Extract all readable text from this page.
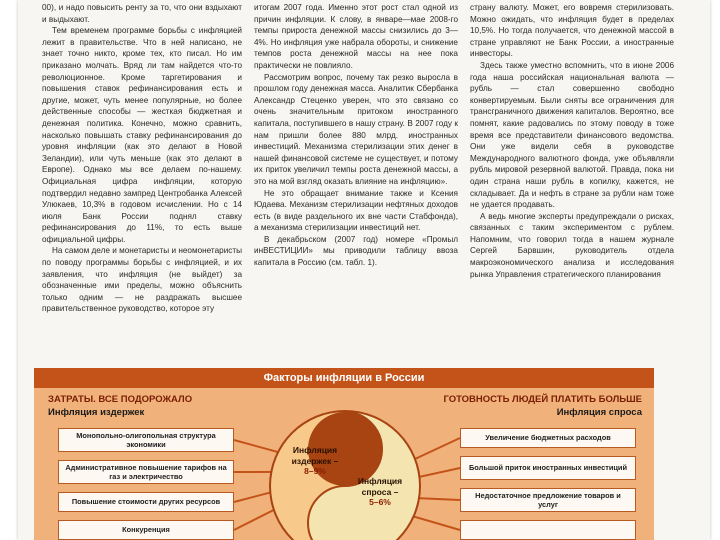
00), и надо повысить ренту за то, что они вздыхают и выдыхают.

Тем временем программе борьбы с инфляцией лежит в правительстве. Что в ней написано, не знает точно никто, кроме тех, кто писал. Но им приказано молчать. Вряд ли там найдется что-то революционное. Кроме таргетирования и повышения ставок рефинансирования есть и другие, может, чуть менее популярные, но более действенные способы — жесткая бюджетная и денежная политика. Конечно, можно сравнить, насколько повышать ставку рефинансирования до уровня инфляции (как это делают в Новой Зеландии), или чуть меньше (как это делают в Европе). Однако мы все делаем по-нашему. Официальная цифра инфляции, которую подтвердил недавно зампред Центробанка Алексей Улюкаев, 10,3% в годовом исчислении. Но с 14 июля Банк России поднял ставку рефинансирования до 11%, то есть выше официальной цифры.

На самом деле и монетаристы и неомонетаристы по поводу программы борьбы с инфляцией, и их заявления, что инфляция (не выйдет) за обозначенные ими пределы, можно объяснить только одним — не раздражать высшее правительственное руководство, которое эту

итогам 2007 года. Именно этот рост стал одной из причин инфляции. К слову, в январе—мае 2008-го темпы прироста денежной массы снизились до 3—4%. Но инфляция уже набрала обороты, и снижение темпов роста денежной массы на нее пока практически не повлияло.

Рассмотрим вопрос, почему так резко выросла в прошлом году денежная масса. Аналитик Сбербанка Александр Стеценко уверен, что это связано со очень значительным притоком иностранного капитала, поступившего в нашу страну. В 2007 году к нам пришли более 880 млрд. иностранных инвестиций. Механизма стерилизации этих денег в нашей финансовой системе не существует, и потому их приток увеличил темпы роста денежной массы, а это на мой взгляд оказать влияние на инфляцию».

Не это обращает внимание также и Ксения Юдаева. Механизм стерилизации нефтяных доходов есть (в виде раздельного их вне части Стабфонда), а механизма стерилизации инвестиций нет.

В декабрьском (2007 год) номере «Промыл инВЕСТИЦИИ» мы приводили таблицу ввоза капитала в Россию (см. табл. 1).

страну валюту. Может, его вовремя стерилизовать. Можно ожидать, что инфляция будет в пределах 10,5%. Но тогда получается, что денежной массой в стране управляют не Банк России, а иностранные инвесторы.

Здесь также уместно вспомнить, что в июне 2006 года наша российская национальная валюта — рубль — стал совершенно свободно конвертируемым. Были сняты все ограничения для трансграничного движения капиталов. Вероятно, все помнят, какие радовались по этому поводу в тоже время все представители финансового ведомства. Они уже видели себя в руководстве Международного валютного фонда, уже объявляли рубль мировой резервной валютой. Правда, пока ни один страна наши рубль в копилку, кажется, не складывает. Да и нефть в стране за рубли нам тоже не удается продавать.

А ведь многие эксперты предупреждали о рисках, связанных с таким экспериментом с рублем. Напомним, что говорил тогда в нашем журнале Сергей Барвшин, руководитель отдела макроэкономического анализа и исследования рынка Управления стратегического планирования

Факторы инфляции в России
ЗАТРАТЫ. ВСЕ ПОДОРОЖАЛО
Инфляция издержек
ГОТОВНОСТЬ ЛЮДЕЙ ПЛАТИТЬ БОЛЬШЕ
Инфляция спроса
Монопольно-олигопольная структура экономики
Административное повышение тарифов на газ и электричество
Повышение стоимости других ресурсов
Конкуренция
Увеличение бюджетных расходов
Большой приток иностранных инвестиций
Недостаточное предложение товаров и услуг
Инфляция издержек –
8–9%
Инфляция спроса –
5–6%
